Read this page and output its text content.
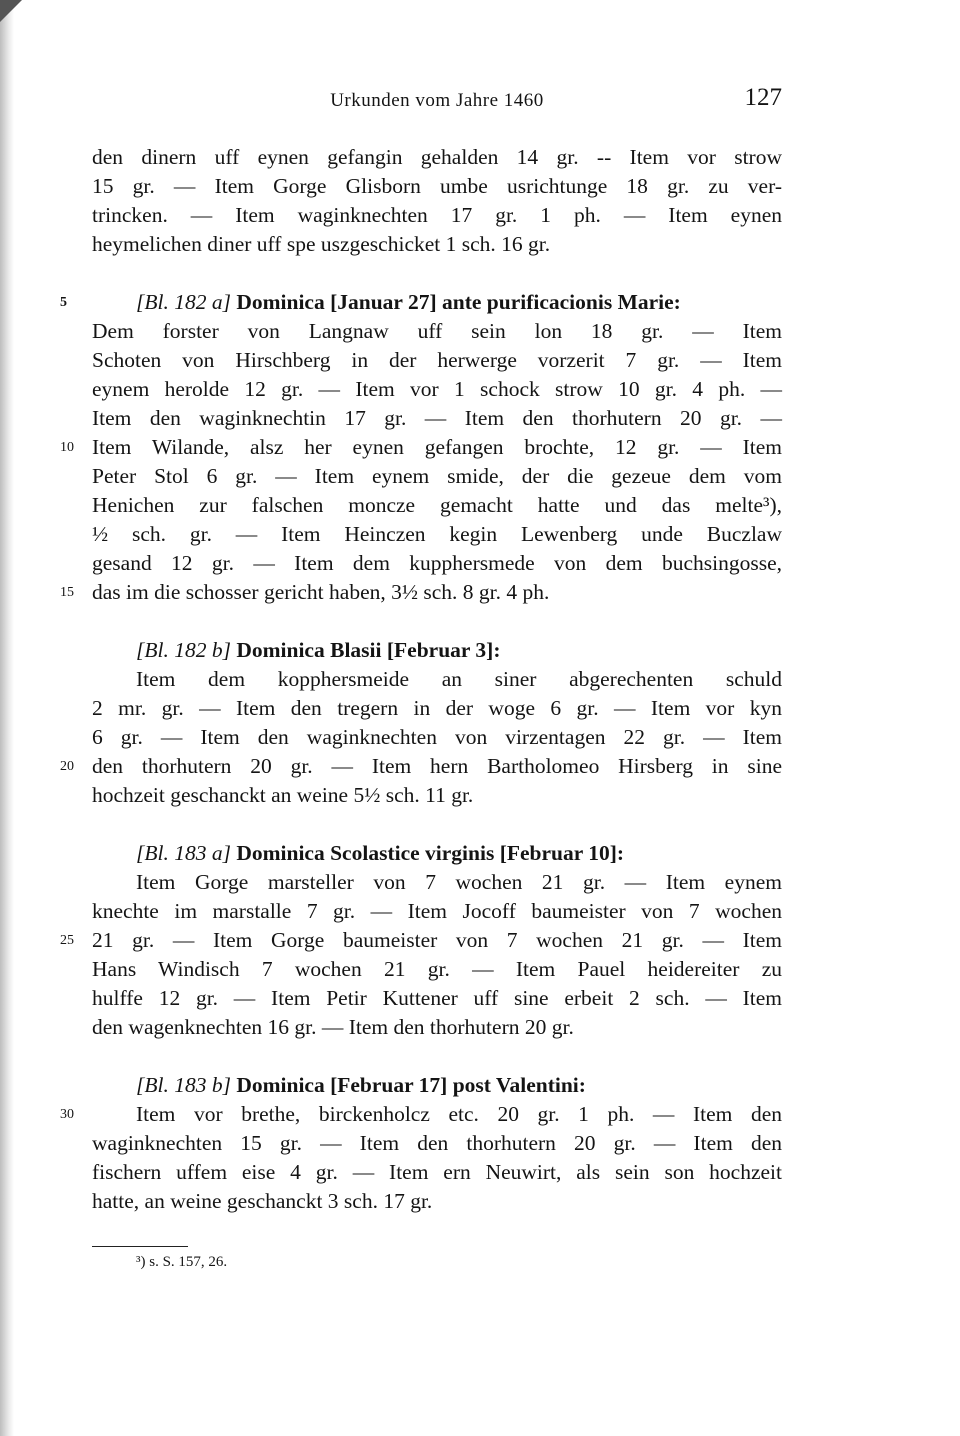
Urkunden vom Jahre 1460	127
den dinern uff eynen gefangin gehalden 14 gr. -- Item vor strow
15 gr. — Item Gorge Glisborn umbe usrichtunge 18 gr. zu ver-
trincken. — Item waginknechten 17 gr. 1 ph. — Item eynen
heymelichen diner uff spe uszgeschicket 1 sch. 16 gr.
5	[Bl. 182 a] Dominica [Januar 27] ante purificacionis Marie:
Dem forster von Langnaw uff sein lon 18 gr. — Item
Schoten von Hirschberg in der herwerge vorzerit 7 gr. — Item
eynem herolde 12 gr. — Item vor 1 schock strow 10 gr. 4 ph. —
Item den waginknechtin 17 gr. — Item den thorhutern 20 gr. —
10 Item Wilande, alsz her eynen gefangen brochte, 12 gr. — Item
Peter Stol 6 gr. — Item eynem smide, der die gezeue dem vom
Henichen zur falschen moncze gemacht hatte und das melte³),
½ sch. gr. — Item Heinczen kegin Lewenberg unde Buczlaw
gesand 12 gr. — Item dem kupphersmede von dem buchsingosse,
15 das im die schosser gericht haben, 3½ sch. 8 gr. 4 ph.
[Bl. 182 b] Dominica Blasii [Februar 3]:
Item dem kopphersmeide an siner abgerechenten schuld
2 mr. gr. — Item den tregern in der woge 6 gr. — Item vor kyn
6 gr. — Item den waginknechten von virzentagen 22 gr. — Item
20 den thorhutern 20 gr. — Item hern Bartholomeo Hirsberg in sine
hochzeit geschanckt an weine 5½ sch. 11 gr.
[Bl. 183 a] Dominica Scolastice virginis [Februar 10]:
Item Gorge marsteller von 7 wochen 21 gr. — Item eynem
knechte im marstalle 7 gr. — Item Jocoff baumeister von 7 wochen
25 21 gr. — Item Gorge baumeister von 7 wochen 21 gr. — Item
Hans Windisch 7 wochen 21 gr. — Item Pauel heidereiter zu
hulffe 12 gr. — Item Petir Kuttener uff sine erbeit 2 sch. — Item
den wagenknechten 16 gr. — Item den thorhutern 20 gr.
[Bl. 183 b] Dominica [Februar 17] post Valentini:
30	Item vor brethe, birckenholcz etc. 20 gr. 1 ph. — Item den
waginknechten 15 gr. — Item den thorhutern 20 gr. — Item den
fischern uffem eise 4 gr. — Item ern Neuwirt, als sein son hochzeit
hatte, an weine geschanckt 3 sch. 17 gr.
³) s. S. 157, 26.
